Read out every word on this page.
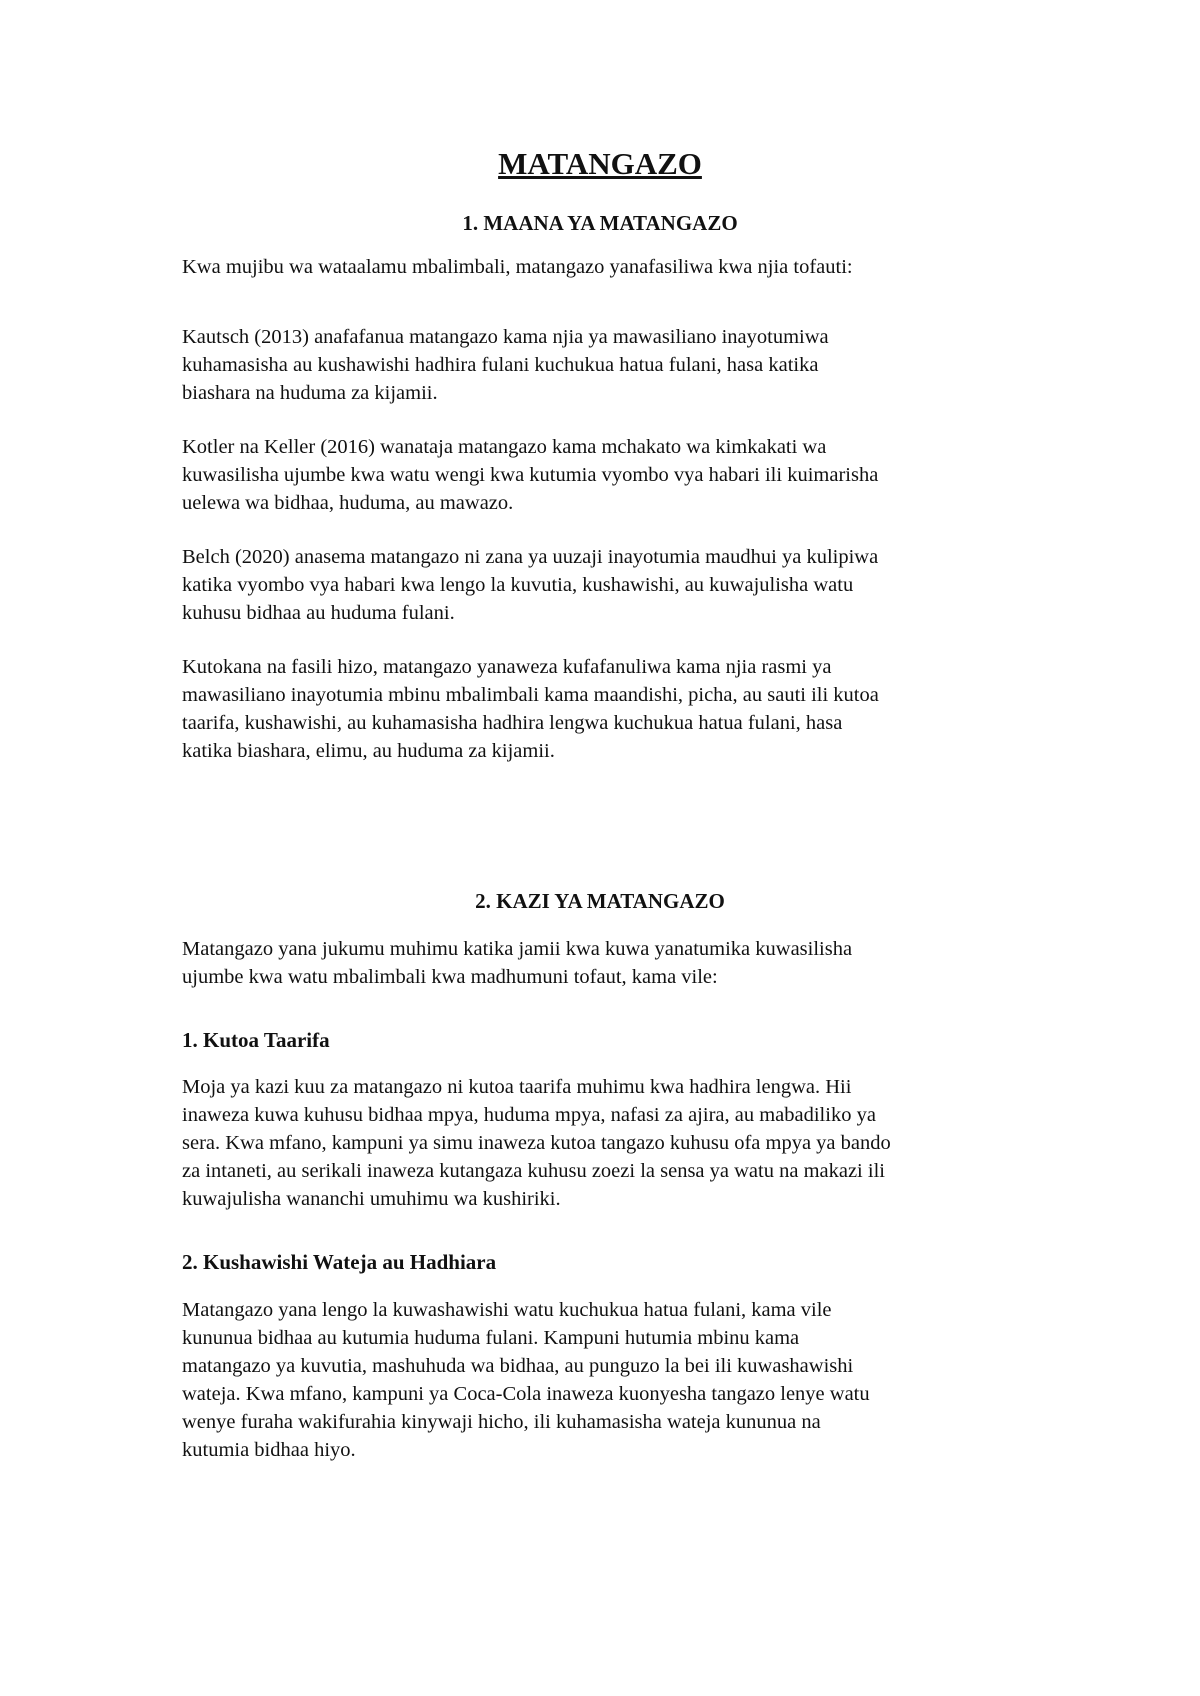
MATANGAZO
1. MAANA YA MATANGAZO

Kwa mujibu wa wataalamu mbalimbali, matangazo yanafasiliwa kwa njia tofauti:

Kautsch (2013) anafafanua matangazo kama njia ya mawasiliano inayotumiwa
kuhamasisha au kushawishi hadhira fulani kuchukua hatua fulani, hasa katika
biashara na huduma za kijamii.

Kotler na Keller (2016) wanataja matangazo kama mchakato wa kimkakati wa
kuwasilisha ujumbe kwa watu wengi kwa kutumia vyombo vya habari ili kuimarisha
uelewa wa bidhaa, huduma, au mawazo.

Belch (2020) anasema matangazo ni zana ya uuzaji inayotumia maudhui ya kulipiwa
katika vyombo vya habari kwa lengo la kuvutia, kushawishi, au kuwajulisha watu
kuhusu bidhaa au huduma fulani.

Kutokana na fasili hizo, matangazo yanaweza kufafanuliwa kama njia rasmi ya
mawasiliano inayotumia mbinu mbalimbali kama maandishi, picha, au sauti ili kutoa
taarifa, kushawishi, au kuhamasisha hadhira lengwa kuchukua hatua fulani, hasa
katika biashara, elimu, au huduma za kijamii.

2. KAZI YA MATANGAZO

Matangazo yana jukumu muhimu katika jamii kwa kuwa yanatumika kuwasilisha
ujumbe kwa watu mbalimbali kwa madhumuni tofaut, kama vile:

1. Kutoa Taarifa

Moja ya kazi kuu za matangazo ni kutoa taarifa muhimu kwa hadhira lengwa. Hii
inaweza kuwa kuhusu bidhaa mpya, huduma mpya, nafasi za ajira, au mabadiliko ya
sera. Kwa mfano, kampuni ya simu inaweza kutoa tangazo kuhusu ofa mpya ya bando
za intaneti, au serikali inaweza kutangaza kuhusu zoezi la sensa ya watu na makazi ili
kuwajulisha wananchi umuhimu wa kushiriki.

2. Kushawishi Wateja au Hadhiara

Matangazo yana lengo la kuwashawishi watu kuchukua hatua fulani, kama vile
kununua bidhaa au kutumia huduma fulani. Kampuni hutumia mbinu kama
matangazo ya kuvutia, mashuhuda wa bidhaa, au punguzo la bei ili kuwashawishi
wateja. Kwa mfano, kampuni ya Coca-Cola inaweza kuonyesha tangazo lenye watu
wenye furaha wakifurahia kinywaji hicho, ili kuhamasisha wateja kununua na
kutumia bidhaa hiyo.
